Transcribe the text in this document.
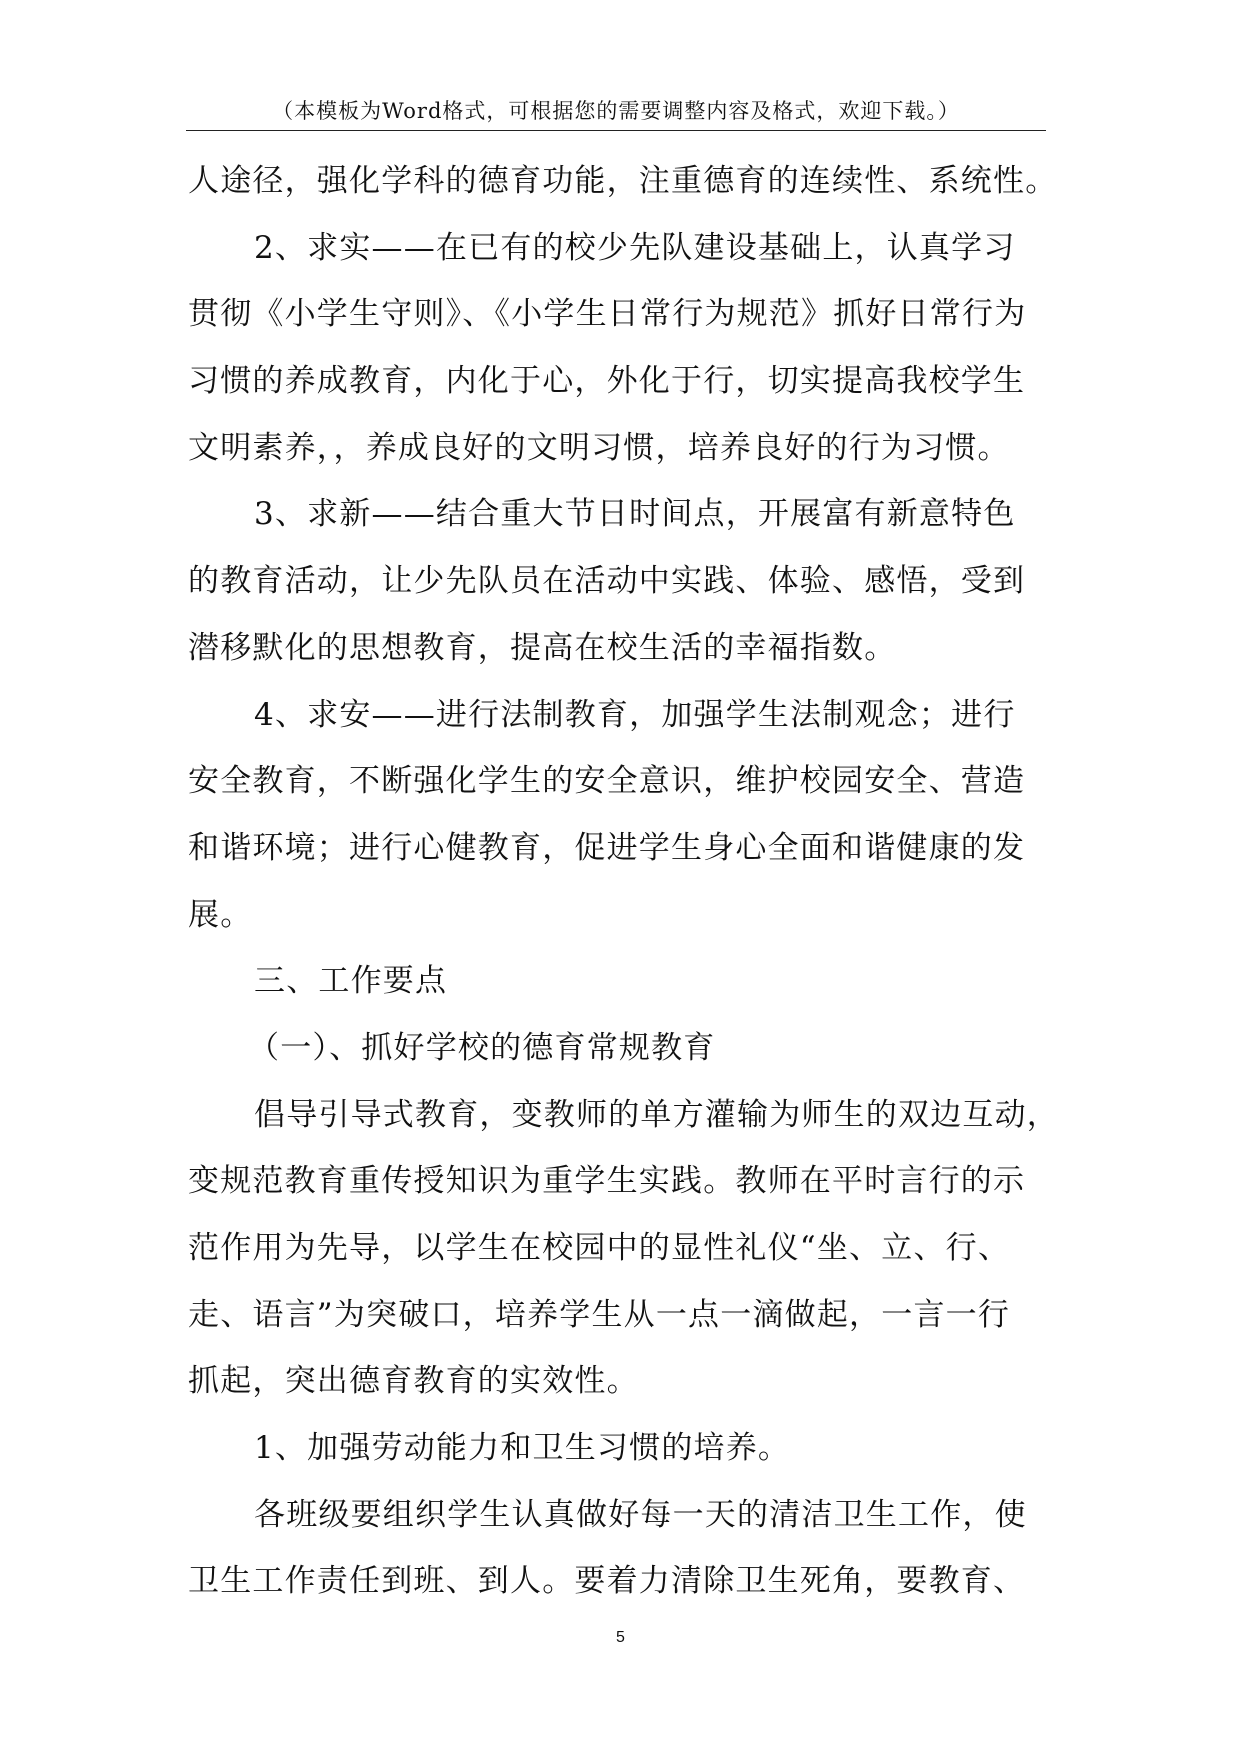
（本模板为Word格式，可根据您的需要调整内容及格式，欢迎下载。）
人途径，强化学科的德育功能，注重德育的连续性、系统性。
2、求实——在已有的校少先队建设基础上，认真学习
贯彻《小学生守则》、《小学生日常行为规范》抓好日常行为
习惯的养成教育，内化于心，外化于行，切实提高我校学生
文明素养，，养成良好的文明习惯，培养良好的行为习惯。
3、求新——结合重大节日时间点，开展富有新意特色
的教育活动，让少先队员在活动中实践、体验、感悟，受到
潜移默化的思想教育，提高在校生活的幸福指数。
4、求安——进行法制教育，加强学生法制观念；进行
安全教育，不断强化学生的安全意识，维护校园安全、营造
和谐环境；进行心健教育，促进学生身心全面和谐健康的发
展。
三、工作要点
（一）、抓好学校的德育常规教育
倡导引导式教育，变教师的单方灌输为师生的双边互动，
变规范教育重传授知识为重学生实践。教师在平时言行的示
范作用为先导，以学生在校园中的显性礼仪“坐、立、行、
走、语言”为突破口，培养学生从一点一滴做起，一言一行
抓起，突出德育教育的实效性。
1、加强劳动能力和卫生习惯的培养。
各班级要组织学生认真做好每一天的清洁卫生工作，使
卫生工作责任到班、到人。要着力清除卫生死角，要教育、
5
